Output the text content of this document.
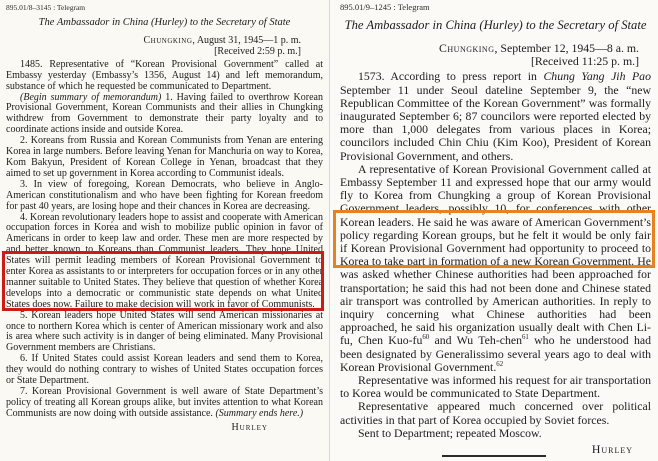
895.01/8–3145 : Telegram
The Ambassador in China (Hurley) to the Secretary of State
Chungking, August 31, 1945—1 p. m.
[Received 2:59 p. m.]

1485. Representative of “Korean Provisional Government” called at Embassy yesterday (Embassy’s 1356, August 14) and left memorandum, substance of which he requested be communicated to Department.

(Begin summary of memorandum) 1. Having failed to overthrow Korean Provisional Government, Korean Communists and their allies in Chungking withdrew from Government to demonstrate their party loyalty and to coordinate actions inside and outside Korea.

2. Koreans from Russia and Korean Communists from Yenan are entering Korea in large numbers. Before leaving Yenan for Manchuria on way to Korea, Kom Bakyun, President of Korean College in Yenan, broadcast that they aimed to set up government in Korea according to Communist ideals.

3. In view of foregoing, Korean Democrats, who believe in Anglo-American constitutionalism and who have been fighting for Korean freedom for past 40 years, are losing hope and their chances in Korea are decreasing.

4. Korean revolutionary leaders hope to assist and cooperate with American occupation forces in Korea and wish to mobilize public opinion in favor of Americans in order to keep law and order. These men are more respected by and better known to Koreans than Communist leaders. They hope United States will permit leading members of Korean Provisional Government to enter Korea as assistants to or interpreters for occupation forces or in any other manner suitable to United States. They believe that question of whether Korea develops into a democratic or communistic state depends on what United States does now. Failure to make decision will work in favor of Communists.

5. Korean leaders hope United States will send American missionaries at once to northern Korea which is center of American missionary work and also is area where such activity is in danger of being eliminated. Many Provisional Government members are Christians.

6. If United States could assist Korean leaders and send them to Korea, they would do nothing contrary to wishes of United States occupation forces or State Department.

7. Korean Provisional Government is well aware of State Department’s policy of treating all Korean groups alike, but invites attention to what Korean Communists are now doing with outside assistance. (Summary ends here.)

Hurley
895.01/9–1245 : Telegram
The Ambassador in China (Hurley) to the Secretary of State
Chungking, September 12, 1945—8 a. m.
[Received 11:25 p. m.]

1573. According to press report in Chung Yang Jih Pao September 11 under Seoul dateline September 9, the “new Republican Committee of the Korean Government” was formally inaugurated September 6; 87 councilors were reported elected by more than 1,000 delegates from various places in Korea; councilors included Chin Chiu (Kim Koo), President of Korean Provisional Government, and others.

A representative of Korean Provisional Government called at Embassy September 11 and expressed hope that our army would fly to Korea from Chungking a group of Korean Provisional Government leaders, possibly 10, for conferences with other Korean leaders. He said he was aware of American Government’s policy regarding Korean groups, but he felt it would be only fair if Korean Provisional Government had opportunity to proceed to Korea to take part in formation of a new Korean Government. He was asked whether Chinese authorities had been approached for transportation; he said this had not been done and Chinese stated air transport was controlled by American authorities. In reply to inquiry concerning what Chinese authorities had been approached, he said his organization usually dealt with Chen Li-fu, Chen Kuo-fu$^{60}$ and Wu Teh-chen$^{61}$ who he understood had been designated by Generalissimo several years ago to deal with Korean Provisional Government.$^{62}$

Representative was informed his request for air transportation to Korea would be communicated to State Department.

Representative appeared much concerned over political activities in that part of Korea occupied by Soviet forces.

Sent to Department; repeated Moscow.

Hurley
